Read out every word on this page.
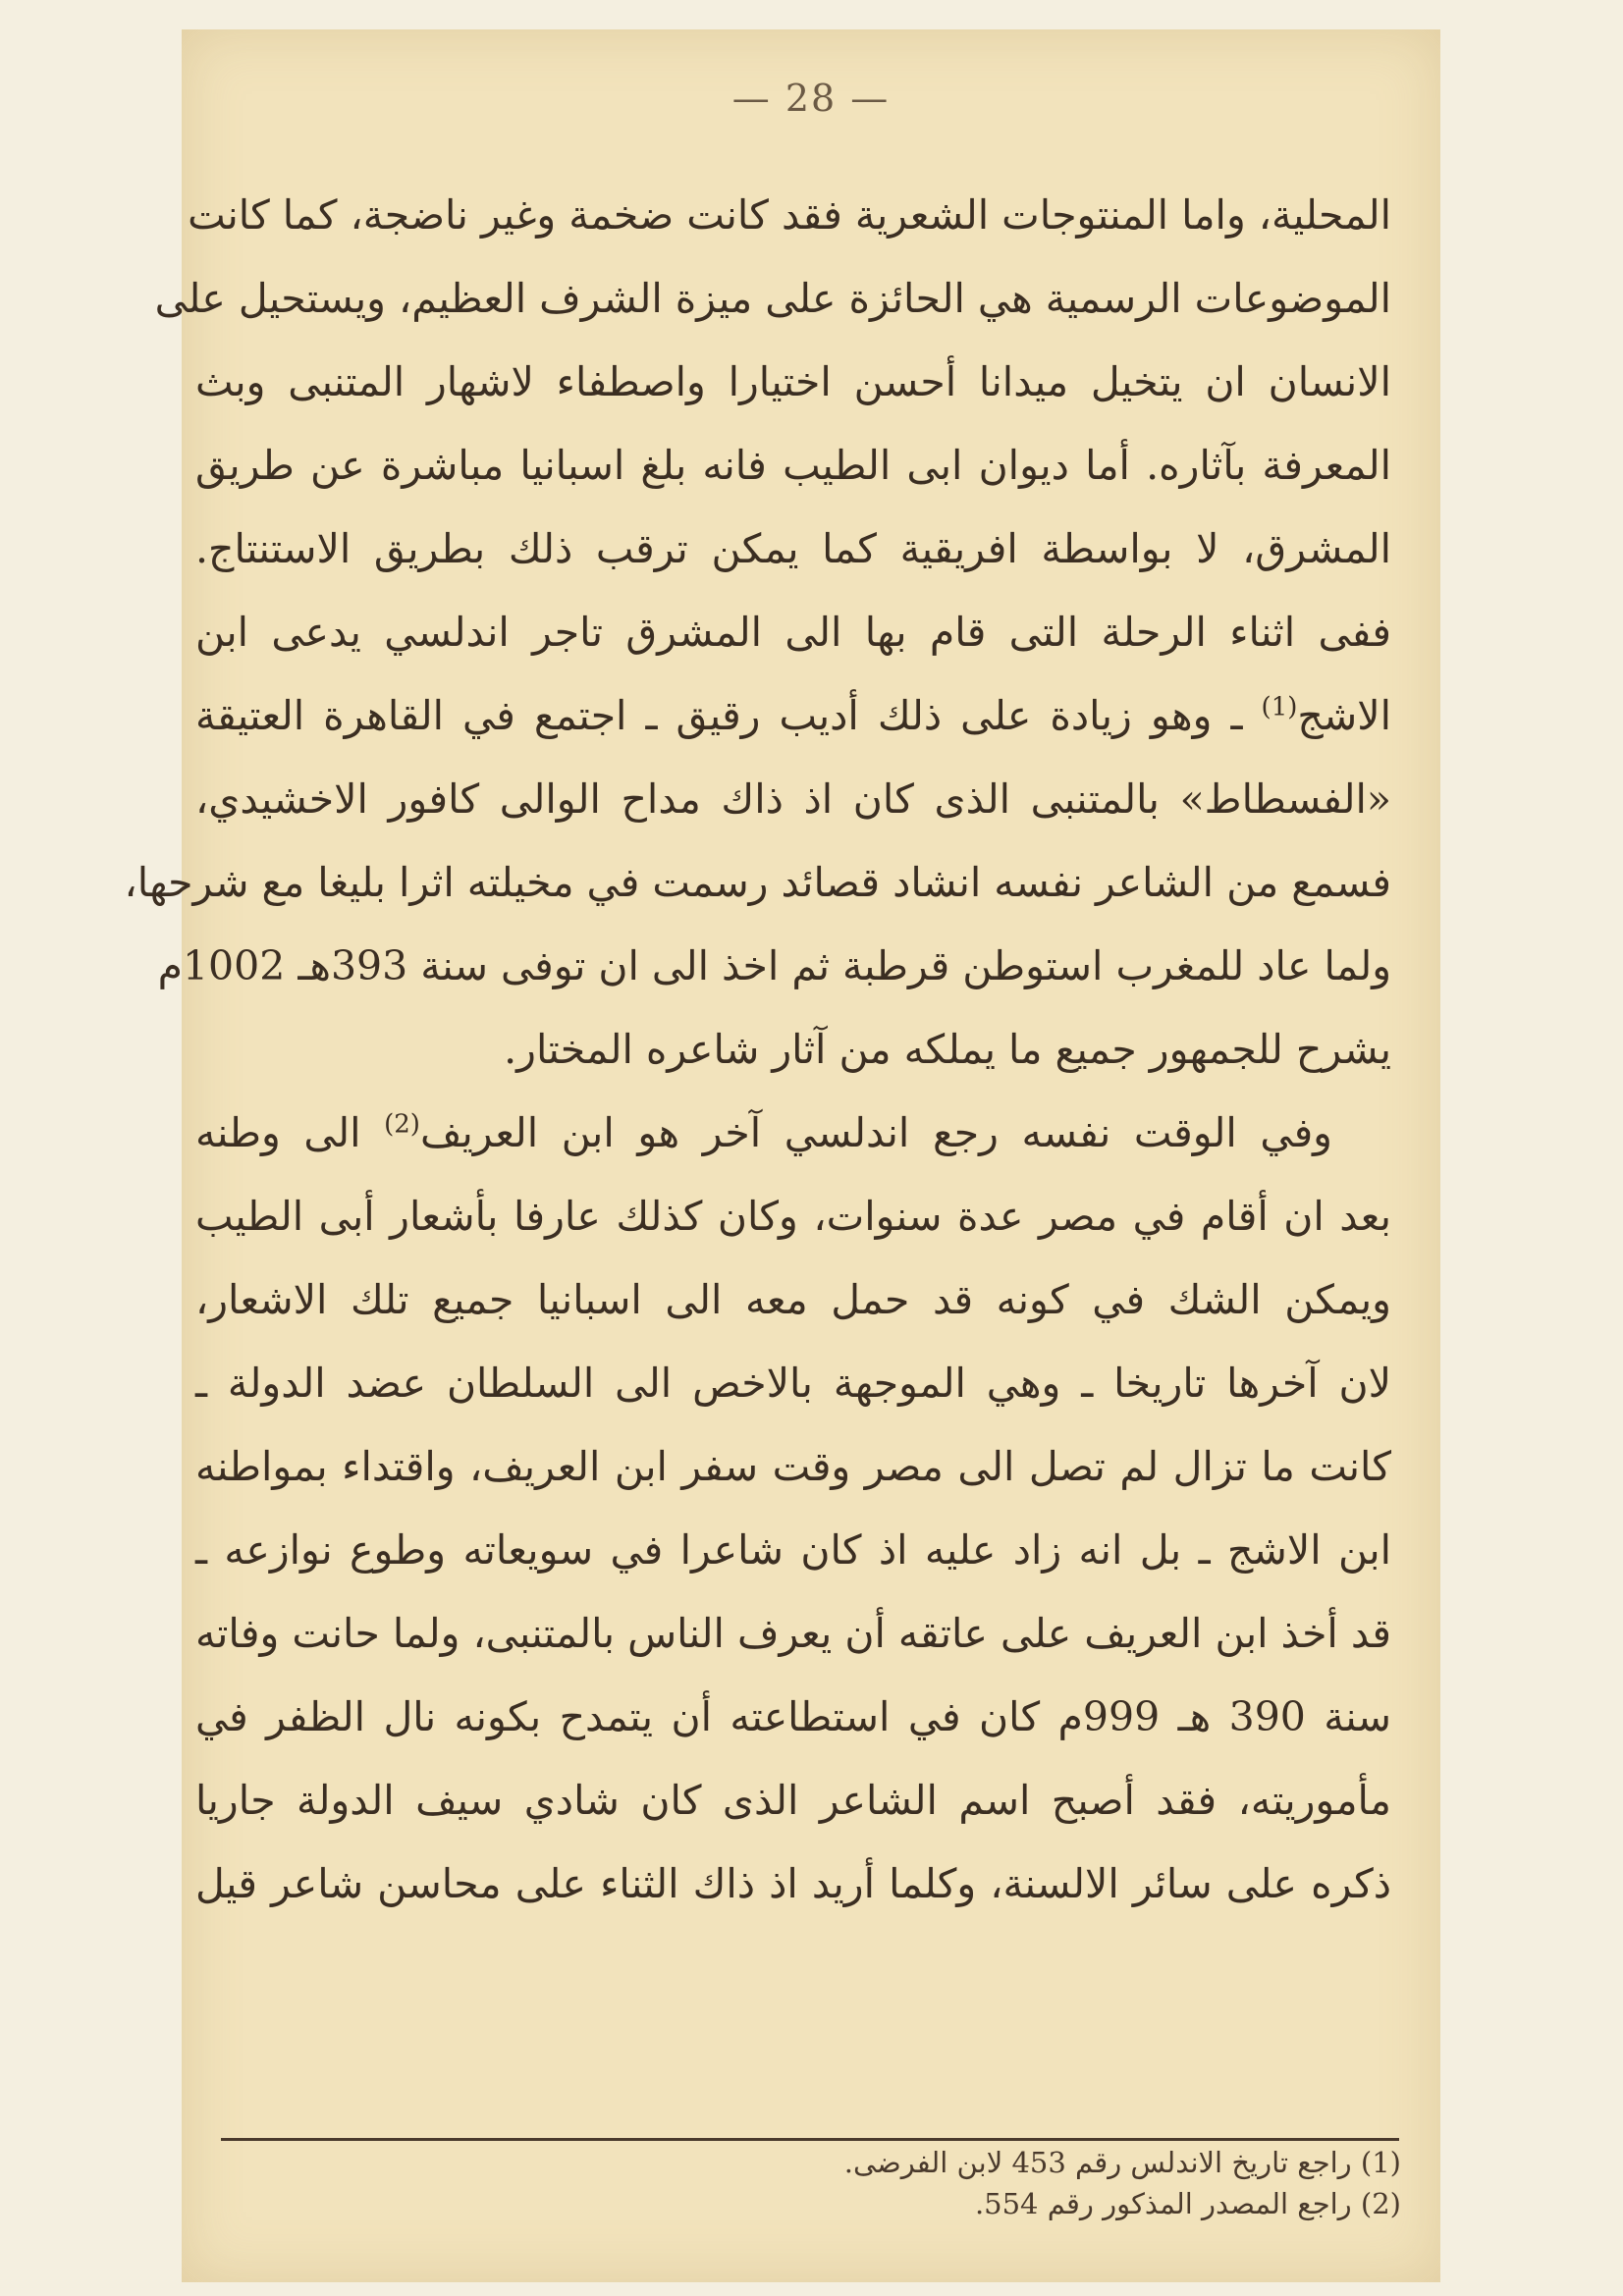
— 28 —
المحلية، واما المنتوجات الشعرية فقد كانت ضخمة وغير ناضجة، كما كانت
الموضوعات الرسمية هي الحائزة على ميزة الشرف العظيم، ويستحيل على
الانسان ان يتخيل ميدانا أحسن اختيارا واصطفاء لاشهار المتنبى وبث
المعرفة بآثاره. أما ديوان ابى الطيب فانه بلغ اسبانيا مباشرة عن طريق
المشرق، لا بواسطة افريقية كما يمكن ترقب ذلك بطريق الاستنتاج.
ففى اثناء الرحلة التى قام بها الى المشرق تاجر اندلسي يدعى ابن
الاشج$^{(1)}$ ـ وهو زيادة على ذلك أديب رقيق ـ اجتمع في القاهرة العتيقة
«الفسطاط» بالمتنبى الذى كان اذ ذاك مداح الوالى كافور الاخشيدي،
فسمع من الشاعر نفسه انشاد قصائد رسمت في مخيلته اثرا بليغا مع شرحها،
ولما عاد للمغرب استوطن قرطبة ثم اخذ الى ان توفى سنة 393هـ 1002م
يشرح للجمهور جميع ما يملكه من آثار شاعره المختار.
وفي الوقت نفسه رجع اندلسي آخر هو ابن العريف$^{(2)}$ الى وطنه
بعد ان أقام في مصر عدة سنوات، وكان كذلك عارفا بأشعار أبى الطيب
ويمكن الشك في كونه قد حمل معه الى اسبانيا جميع تلك الاشعار،
لان آخرها تاريخا ـ وهي الموجهة بالاخص الى السلطان عضد الدولة ـ
كانت ما تزال لم تصل الى مصر وقت سفر ابن العريف، واقتداء بمواطنه
ابن الاشج ـ بل انه زاد عليه اذ كان شاعرا في سويعاته وطوع نوازعه ـ
قد أخذ ابن العريف على عاتقه أن يعرف الناس بالمتنبى، ولما حانت وفاته
سنة 390 هـ 999م كان في استطاعته أن يتمدح بكونه نال الظفر في
مأموريته، فقد أصبح اسم الشاعر الذى كان شادي سيف الدولة جاريا
ذكره على سائر الالسنة، وكلما أريد اذ ذاك الثناء على محاسن شاعر قيل
(1) راجع تاريخ الاندلس رقم 453 لابن الفرضى.
(2) راجع المصدر المذكور رقم 554.
